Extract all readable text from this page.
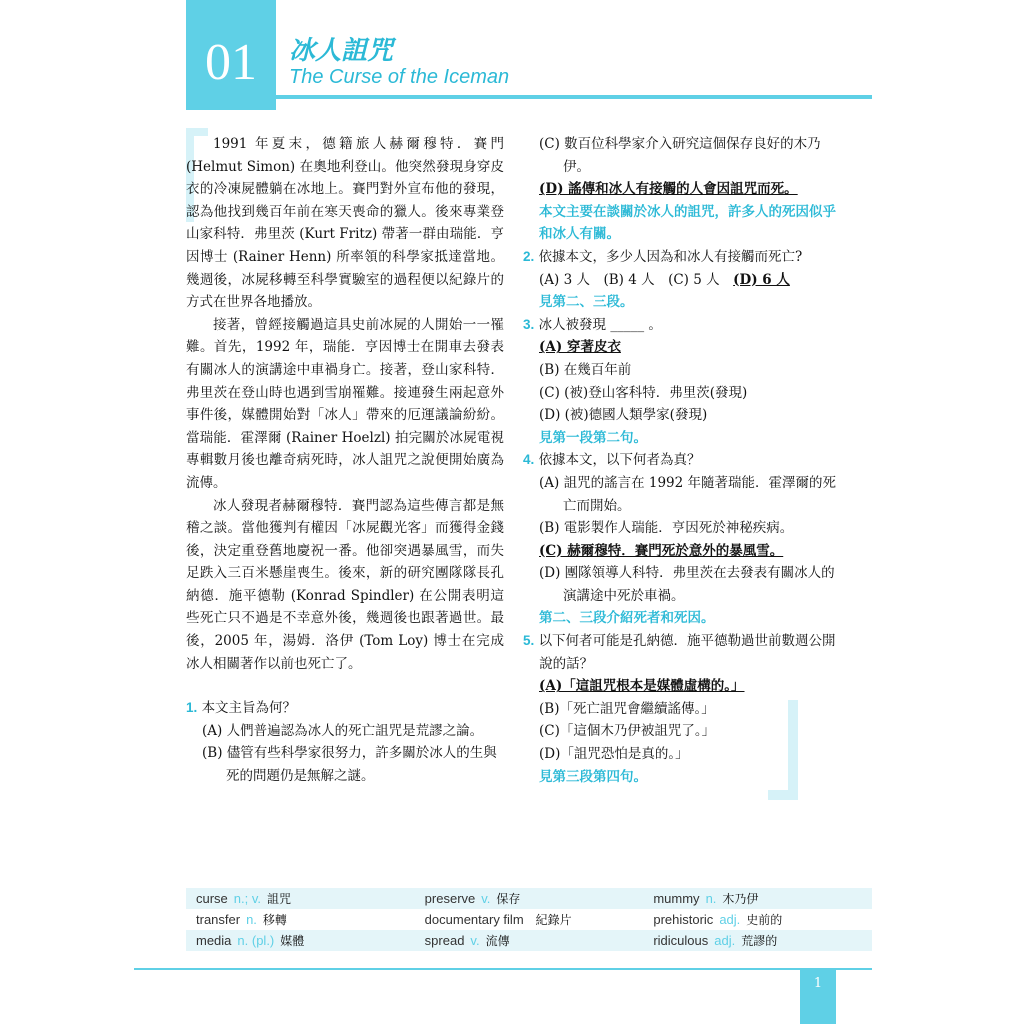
01	冰人詛咒
The Curse of the Iceman

1991 年夏末，德籍旅人赫爾穆特．賽門 (Helmut Simon) 在奧地利登山。他突然發現身穿皮衣的冷凍屍體躺在冰地上。賽門對外宣布他的發現，認為他找到幾百年前在寒天喪命的獵人。後來專業登山家科特．弗里茨 (Kurt Fritz) 帶著一群由瑞能．亨因博士 (Rainer Henn) 所率領的科學家抵達當地。幾週後，冰屍移轉至科學實驗室的過程便以紀錄片的方式在世界各地播放。

接著，曾經接觸過這具史前冰屍的人開始一一罹難。首先，1992 年，瑞能．亨因博士在開車去發表有關冰人的演講途中車禍身亡。接著，登山家科特．弗里茨在登山時也遇到雪崩罹難。接連發生兩起意外事件後，媒體開始對「冰人」帶來的厄運議論紛紛。當瑞能．霍澤爾 (Rainer Hoelzl) 拍完關於冰屍電視專輯數月後也離奇病死時，冰人詛咒之說便開始廣為流傳。

冰人發現者赫爾穆特．賽門認為這些傳言都是無稽之談。當他獲判有權因「冰屍觀光客」而獲得金錢後，決定重登舊地慶祝一番。他卻突遇暴風雪，而失足跌入三百米懸崖喪生。後來，新的研究團隊隊長孔納德．施平德勒 (Konrad Spindler) 在公開表明這些死亡只不過是不幸意外後，幾週後也跟著過世。最後，2005 年，湯姆．洛伊 (Tom Loy) 博士在完成冰人相關著作以前也死亡了。

1. 本文主旨為何？
(A) 人們普遍認為冰人的死亡詛咒是荒謬之論。
(B) 儘管有些科學家很努力，許多關於冰人的生與死的問題仍是無解之謎。
(C) 數百位科學家介入研究這個保存良好的木乃伊。
(D) 謠傳和冰人有接觸的人會因詛咒而死。
本文主要在談關於冰人的詛咒，許多人的死因似乎和冰人有關。
2. 依據本文，多少人因為和冰人有接觸而死亡?
(A) 3 人　(B) 4 人　(C) 5 人　(D) 6 人
見第二、三段。
3. 冰人被發現 _____ 。
(A) 穿著皮衣
(B) 在幾百年前
(C) (被)登山客科特．弗里茨(發現)
(D) (被)德國人類學家(發現)
見第一段第二句。
4. 依據本文，以下何者為真？
(A) 詛咒的謠言在 1992 年隨著瑞能．霍澤爾的死亡而開始。
(B) 電影製作人瑞能．亨因死於神秘疾病。
(C) 赫爾穆特．賽門死於意外的暴風雪。
(D) 團隊領導人科特．弗里茨在去發表有關冰人的演講途中死於車禍。
第二、三段介紹死者和死因。
5. 以下何者可能是孔納德．施平德勒過世前數週公開說的話？
(A)「這詛咒根本是媒體虛構的。」
(B)「死亡詛咒會繼續謠傳。」
(C)「這個木乃伊被詛咒了。」
(D)「詛咒恐怕是真的。」
見第三段第四句。
curse n.; v. 詛咒	preserve v. 保存	mummy n. 木乃伊
transfer n. 移轉	documentary film 紀錄片	prehistoric adj. 史前的
media n. (pl.) 媒體	spread v. 流傳	ridiculous adj. 荒謬的
1
